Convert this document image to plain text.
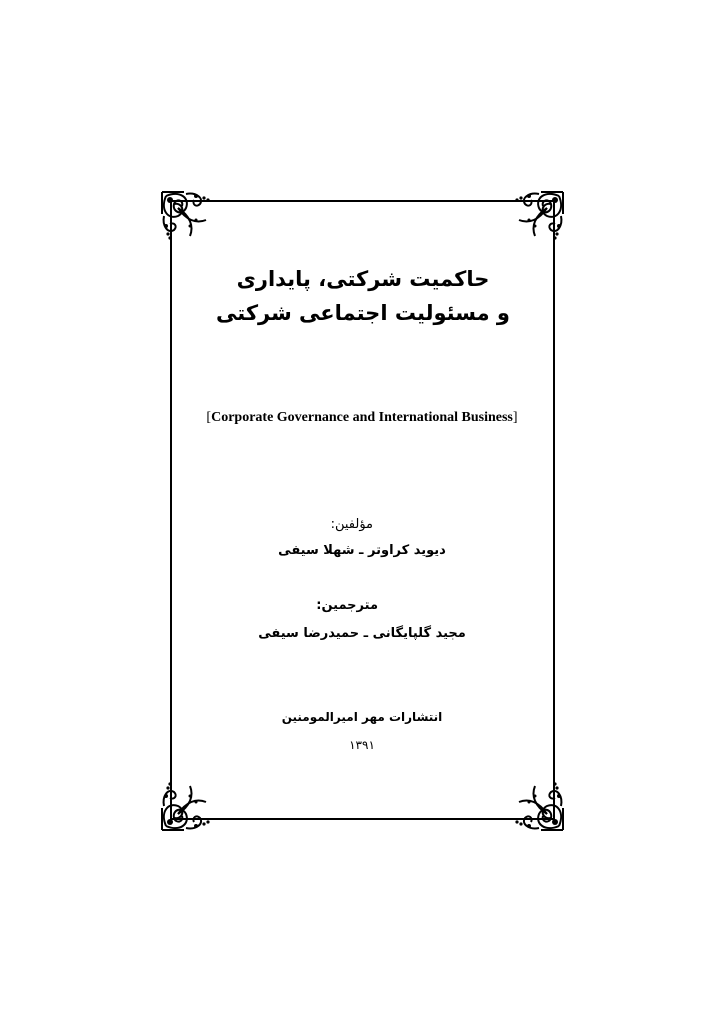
حاکمیت شرکتی، پایداری
و مسئولیت اجتماعی شرکتی
[Corporate Governance and International Business]
مؤلفین:
دیوید کراوتر ـ شهلا سیفی
مترجمین:
مجید گلپایگانی ـ حمیدرضا سیفی
انتشارات مهر امیرالمومنین
۱۳۹۱
